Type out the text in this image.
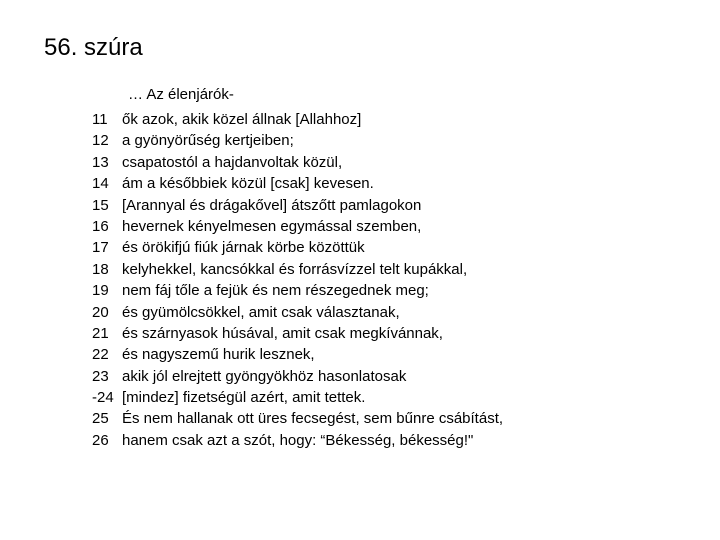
56. szúra
… Az élenjárók-
11 ők azok, akik közel állnak [Allahhoz]
12 a gyönyörűség kertjeiben;
13 csapatostól a hajdanvoltak közül,
14 ám a későbbiek közül [csak] kevesen.
15 [Arannyal és drágakővel] átszőtt pamlagokon
16 hevernek kényelmesen egymással szemben,
17 és örökifjú fiúk járnak körbe közöttük
18 kelyhekkel, kancsókkal és forrásvízzel telt kupákkal,
19 nem fáj tőle a fejük és nem részegednek meg;
20 és gyümölcsökkel, amit csak választanak,
21 és szárnyasok húsával, amit csak megkívánnak,
22 és nagyszemű hurik lesznek,
23 akik jól elrejtett gyöngyökhöz hasonlatosak
-24 [mindez] fizetségül azért, amit tettek.
25 És nem hallanak ott üres fecsegést, sem bűnre csábítást,
26 hanem csak azt a szót, hogy: “Békesség, békesség!"
